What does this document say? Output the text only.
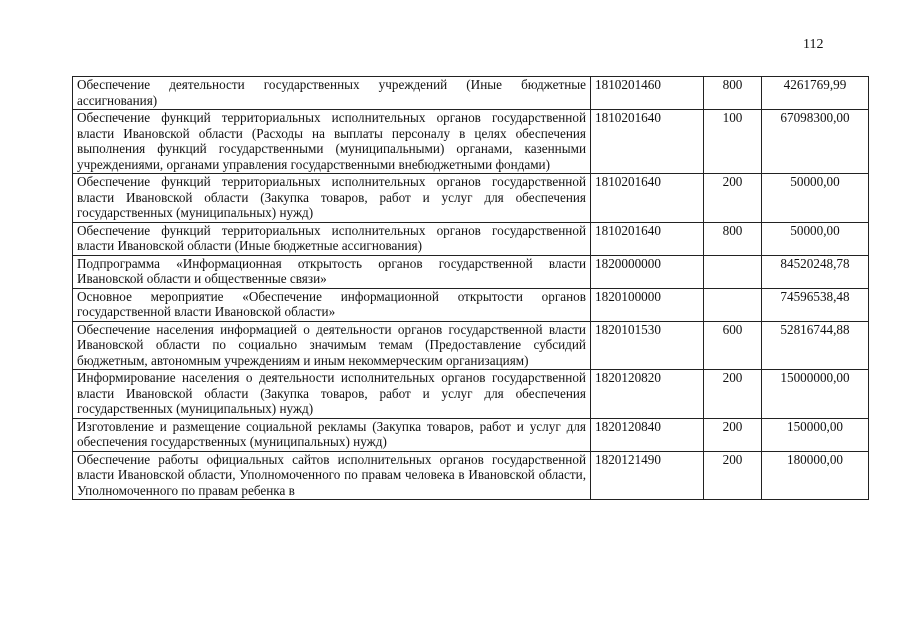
112
Обеспечение деятельности государственных учреждений (Иные бюджетные ассигнования)	1810201460	800	4261769,99
Обеспечение функций территориальных исполнительных органов государственной власти Ивановской области (Расходы на выплаты персоналу в целях обеспечения выполнения функций государственными (муниципальными) органами, казенными учреждениями, органами управления государственными внебюджетными фондами)	1810201640	100	67098300,00
Обеспечение функций территориальных исполнительных органов государственной власти Ивановской области (Закупка товаров, работ и услуг для обеспечения государственных (муниципальных) нужд)	1810201640	200	50000,00
Обеспечение функций территориальных исполнительных органов государственной власти Ивановской области (Иные бюджетные ассигнования)	1810201640	800	50000,00
Подпрограмма «Информационная открытость органов государственной власти Ивановской области и общественные связи»	1820000000		84520248,78
Основное мероприятие «Обеспечение информационной открытости органов государственной власти Ивановской области»	1820100000		74596538,48
Обеспечение населения информацией о деятельности органов государственной власти Ивановской области по социально значимым темам (Предоставление субсидий бюджетным, автономным учреждениям и иным некоммерческим организациям)	1820101530	600	52816744,88
Информирование населения о деятельности исполнительных органов государственной власти Ивановской области (Закупка товаров, работ и услуг для обеспечения государственных (муниципальных) нужд)	1820120820	200	15000000,00
Изготовление и размещение социальной рекламы (Закупка товаров, работ и услуг для обеспечения государственных (муниципальных) нужд)	1820120840	200	150000,00
Обеспечение работы официальных сайтов исполнительных органов государственной власти Ивановской области, Уполномоченного по правам человека в Ивановской области, Уполномоченного по правам ребенка в	1820121490	200	180000,00
